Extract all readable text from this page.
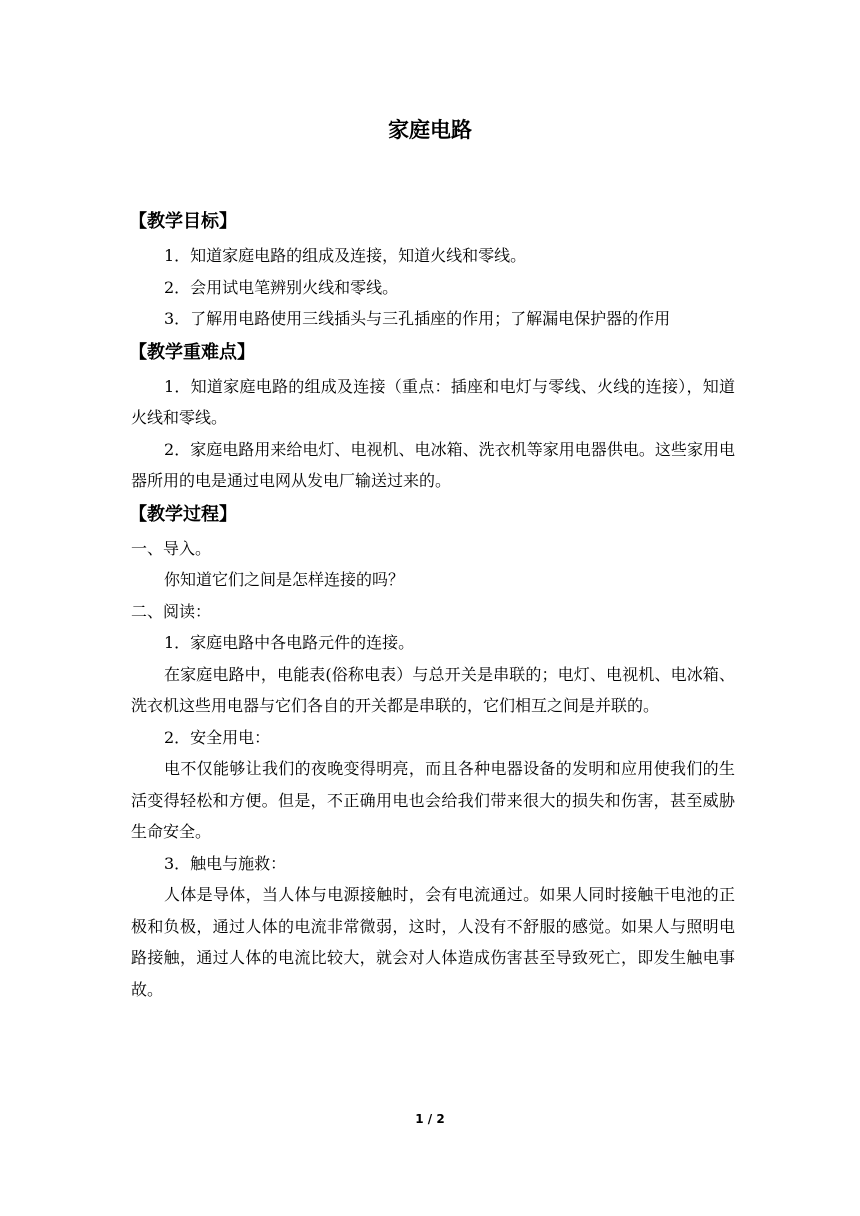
家庭电路
【教学目标】
1．知道家庭电路的组成及连接，知道火线和零线。
2．会用试电笔辨别火线和零线。
3．了解用电路使用三线插头与三孔插座的作用；了解漏电保护器的作用
【教学重难点】
1．知道家庭电路的组成及连接（重点：插座和电灯与零线、火线的连接），知道火线和零线。
2．家庭电路用来给电灯、电视机、电冰箱、洗衣机等家用电器供电。这些家用电器所用的电是通过电网从发电厂输送过来的。
【教学过程】
一、导入。
你知道它们之间是怎样连接的吗？
二、阅读：
1．家庭电路中各电路元件的连接。
在家庭电路中，电能表(俗称电表）与总开关是串联的；电灯、电视机、电冰箱、洗衣机这些用电器与它们各自的开关都是串联的，它们相互之间是并联的。
2．安全用电：
电不仅能够让我们的夜晚变得明亮，而且各种电器设备的发明和应用使我们的生活变得轻松和方便。但是，不正确用电也会给我们带来很大的损失和伤害，甚至威胁生命安全。
3．触电与施救：
人体是导体，当人体与电源接触时，会有电流通过。如果人同时接触干电池的正极和负极，通过人体的电流非常微弱，这时，人没有不舒服的感觉。如果人与照明电路接触，通过人体的电流比较大，就会对人体造成伤害甚至导致死亡，即发生触电事故。
1 / 2
